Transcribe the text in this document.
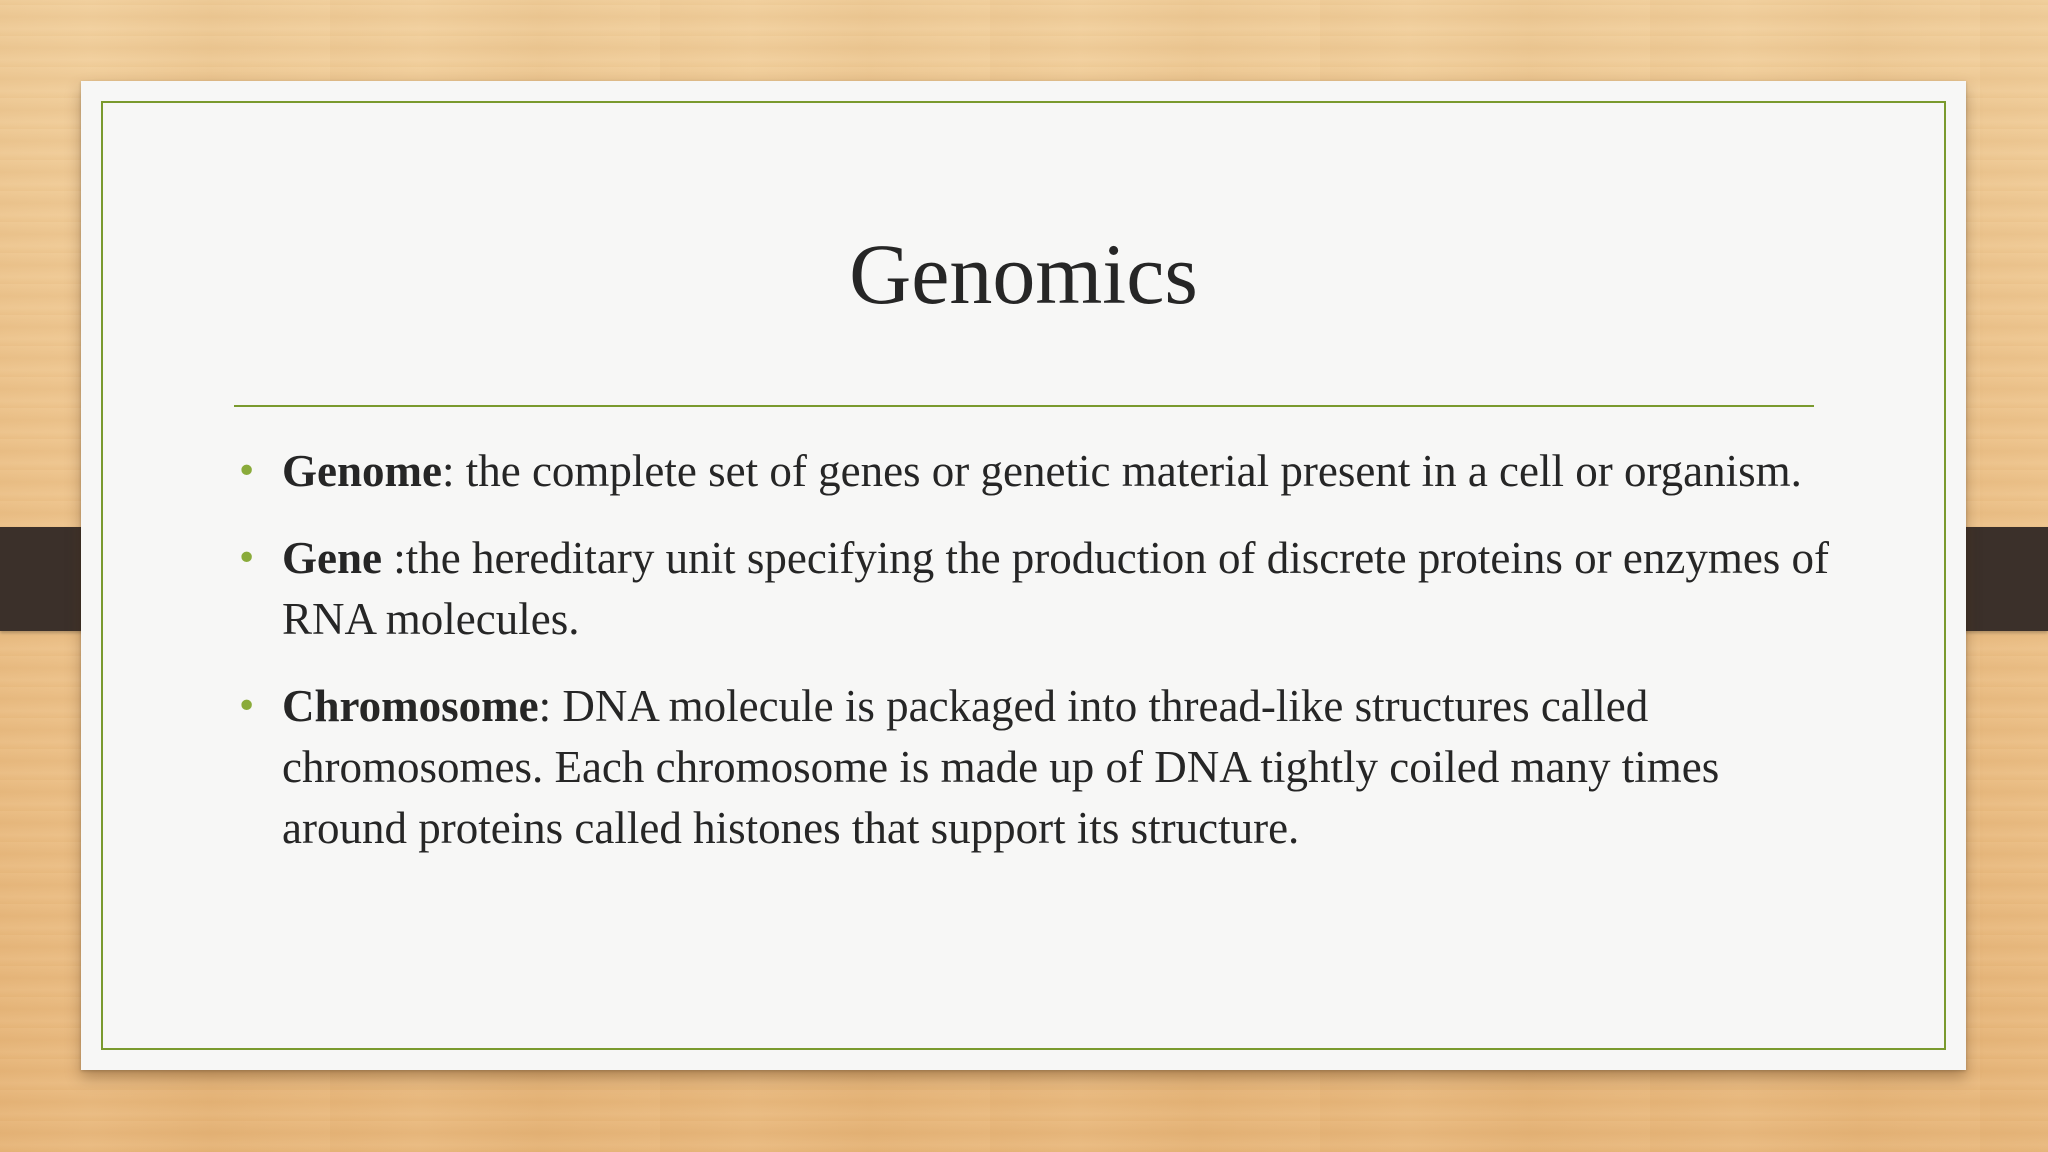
Genomics
• Genome: the complete set of genes or genetic material present in a cell or organism.
• Gene :the hereditary unit specifying the production of discrete proteins or enzymes of RNA molecules.
• Chromosome: DNA molecule is packaged into thread-like structures called chromosomes. Each chromosome is made up of DNA tightly coiled many times around proteins called histones that support its structure.
